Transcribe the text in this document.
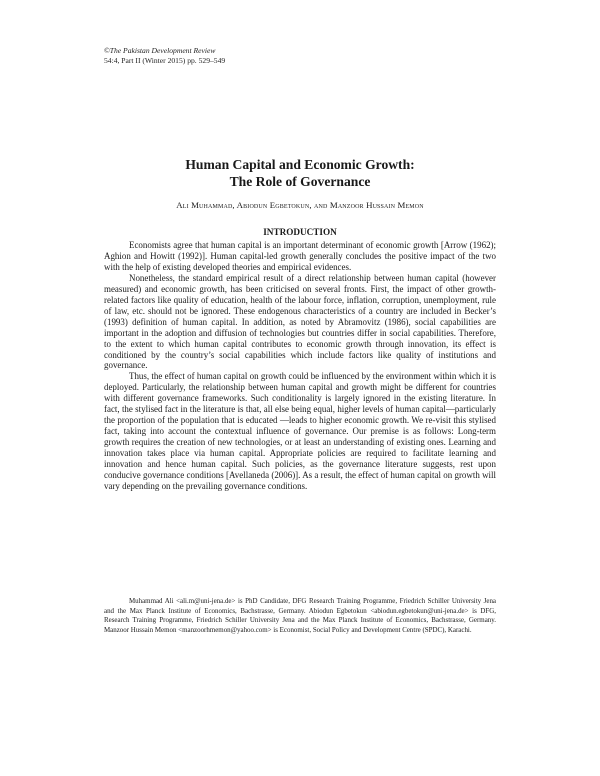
©The Pakistan Development Review
54:4, Part II (Winter 2015) pp. 529–549
Human Capital and Economic Growth:
The Role of Governance
Ali Muhammad, Abiodun Egbetokun, and Manzoor Hussain Memon
INTRODUCTION

Economists agree that human capital is an important determinant of economic growth [Arrow (1962); Aghion and Howitt (1992)]. Human capital-led growth generally concludes the positive impact of the two with the help of existing developed theories and empirical evidences.

Nonetheless, the standard empirical result of a direct relationship between human capital (however measured) and economic growth, has been criticised on several fronts. First, the impact of other growth-related factors like quality of education, health of the labour force, inflation, corruption, unemployment, rule of law, etc. should not be ignored. These endogenous characteristics of a country are included in Becker’s (1993) definition of human capital. In addition, as noted by Abramovitz (1986), social capabilities are important in the adoption and diffusion of technologies but countries differ in social capabilities. Therefore, to the extent to which human capital contributes to economic growth through innovation, its effect is conditioned by the country’s social capabilities which include factors like quality of institutions and governance.

Thus, the effect of human capital on growth could be influenced by the environment within which it is deployed. Particularly, the relationship between human capital and growth might be different for countries with different governance frameworks. Such conditionality is largely ignored in the existing literature. In fact, the stylised fact in the literature is that, all else being equal, higher levels of human capital—particularly the proportion of the population that is educated —leads to higher economic growth. We re-visit this stylised fact, taking into account the contextual influence of governance. Our premise is as follows: Long-term growth requires the creation of new technologies, or at least an understanding of existing ones. Learning and innovation takes place via human capital. Appropriate policies are required to facilitate learning and innovation and hence human capital. Such policies, as the governance literature suggests, rest upon conducive governance conditions [Avellaneda (2006)]. As a result, the effect of human capital on growth will vary depending on the prevailing governance conditions.

Muhammad Ali <ali.m@uni-jena.de> is PhD Candidate, DFG Research Training Programme, Friedrich Schiller University Jena and the Max Planck Institute of Economics, Bachstrasse, Germany. Abiodun Egbetokun <abiodun.egbetokun@uni-jena.de> is DFG, Research Training Programme, Friedrich Schiller University Jena and the Max Planck Institute of Economics, Bachstrasse, Germany. Manzoor Hussain Memon <manzoorhmemon@yahoo.com> is Economist, Social Policy and Development Centre (SPDC), Karachi.
